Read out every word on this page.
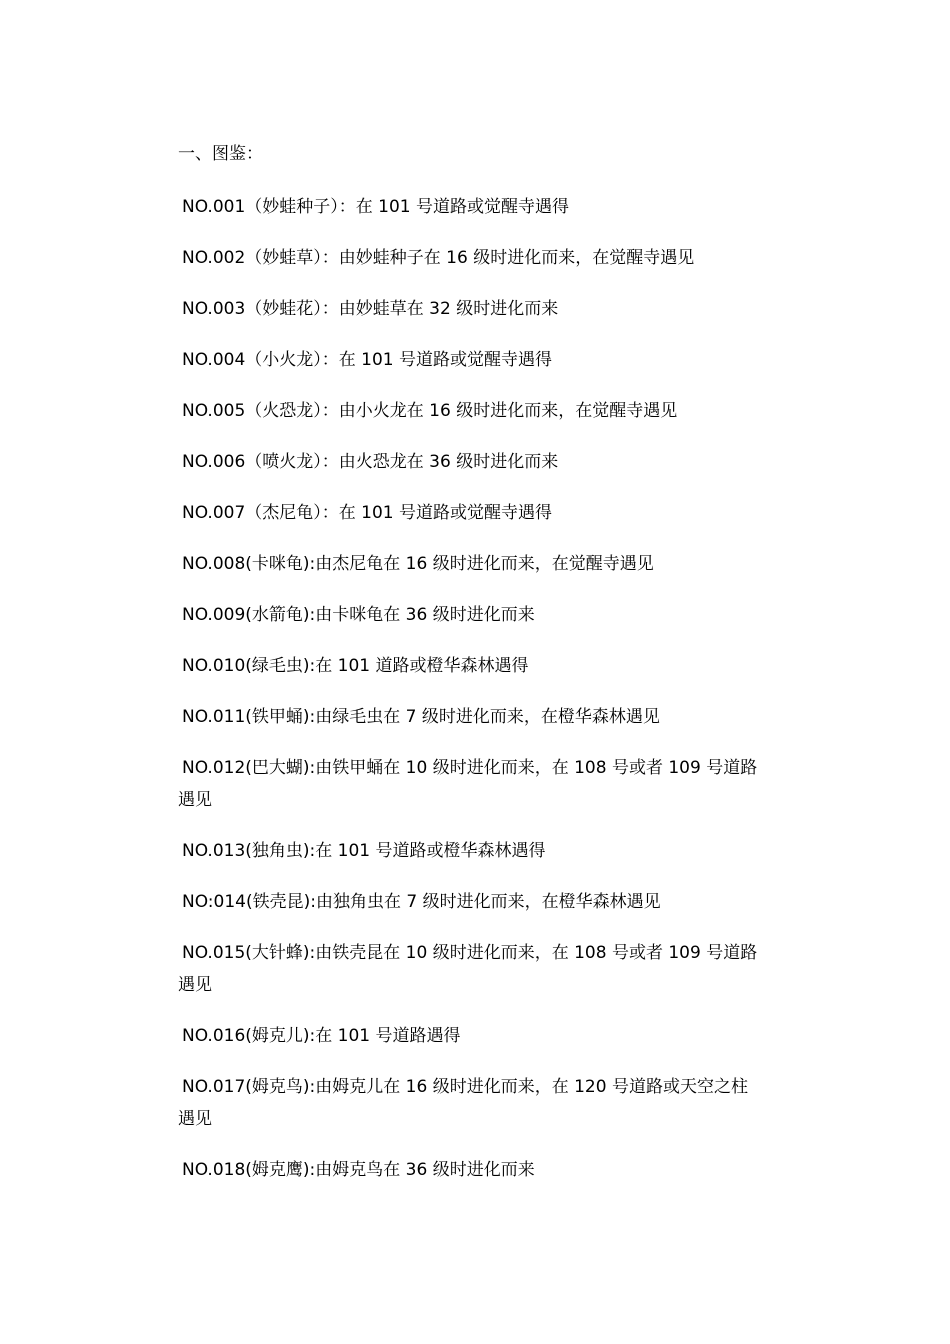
一、图鉴：
NO.001（妙蛙种子）：在 101 号道路或觉醒寺遇得
NO.002（妙蛙草）：由妙蛙种子在 16 级时进化而来，在觉醒寺遇见
NO.003（妙蛙花）：由妙蛙草在 32 级时进化而来
NO.004（小火龙）：在 101 号道路或觉醒寺遇得
NO.005（火恐龙）：由小火龙在 16 级时进化而来，在觉醒寺遇见
NO.006（喷火龙）：由火恐龙在 36 级时进化而来
NO.007（杰尼龟）：在 101 号道路或觉醒寺遇得
NO.008(卡咪龟):由杰尼龟在 16 级时进化而来，在觉醒寺遇见
NO.009(水箭龟):由卡咪龟在 36 级时进化而来
NO.010(绿毛虫):在 101 道路或橙华森林遇得
NO.011(铁甲蛹):由绿毛虫在 7 级时进化而来，在橙华森林遇见
NO.012(巴大蝴):由铁甲蛹在 10 级时进化而来，在 108 号或者 109 号道路
遇见
NO.013(独角虫):在 101 号道路或橙华森林遇得
NO:014(铁壳昆):由独角虫在 7 级时进化而来，在橙华森林遇见
NO.015(大针蜂):由铁壳昆在 10 级时进化而来，在 108 号或者 109 号道路
遇见
NO.016(姆克儿):在 101 号道路遇得
NO.017(姆克鸟):由姆克儿在 16 级时进化而来，在 120 号道路或天空之柱
遇见
NO.018(姆克鹰):由姆克鸟在 36 级时进化而来
